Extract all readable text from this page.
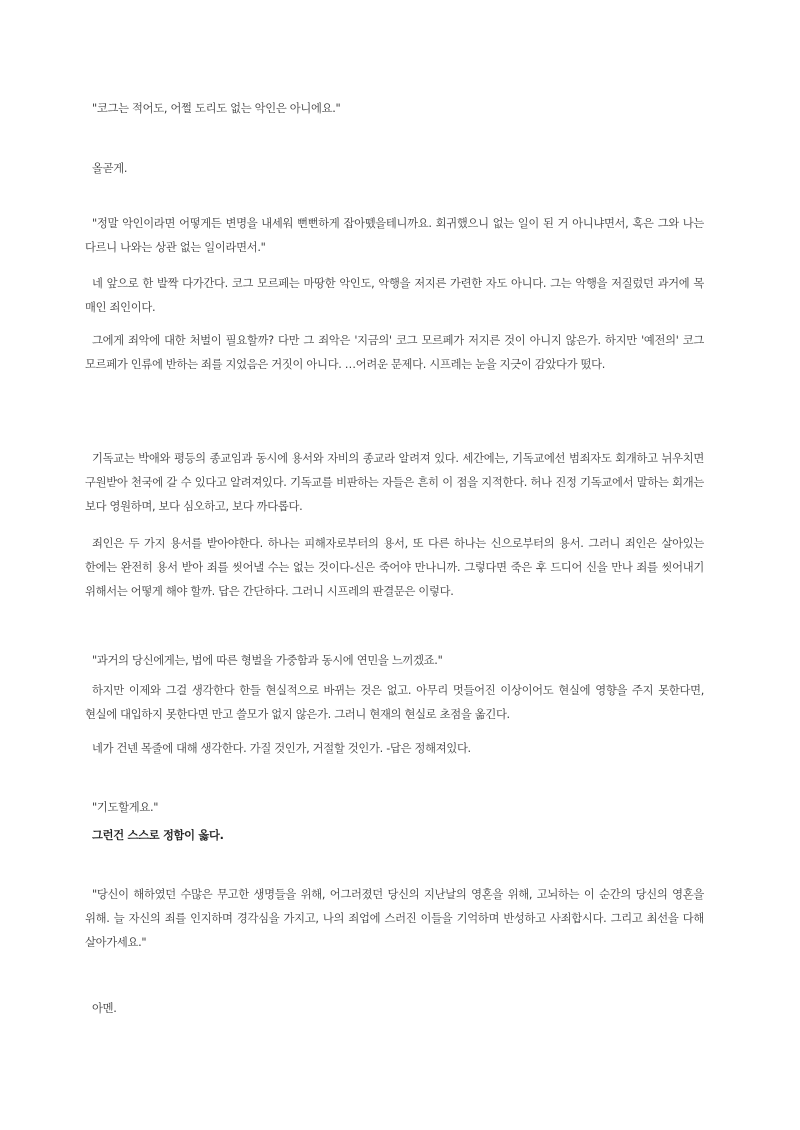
"코그는 적어도, 어쩔 도리도 없는 악인은 아니에요."

올곧게.

"정말 악인이라면 어떻게든 변명을 내세워 뻔뻔하게 잡아뗐을테니까요. 회귀했으니 없는 일이 된 거 아니냐면서, 혹은 그와 나는 다르니 나와는 상관 없는 일이라면서."

네 앞으로 한 발짝 다가간다. 코그 모르페는 마땅한 악인도, 악행을 저지른 가련한 자도 아니다. 그는 악행을 저질렀던 과거에 목 매인 죄인이다.

그에게 죄악에 대한 처벌이 필요할까? 다만 그 죄악은 '지금의' 코그 모르페가 저지른 것이 아니지 않은가. 하지만 '예전의' 코그 모르페가 인류에 반하는 죄를 지었음은 거짓이 아니다. …어려운 문제다. 시프레는 눈을 지긋이 감았다가 떴다.

기독교는 박애와 평등의 종교임과 동시에 용서와 자비의 종교라 알려져 있다. 세간에는, 기독교에선 범죄자도 회개하고 뉘우치면 구원받아 천국에 갈 수 있다고 알려져있다. 기독교를 비판하는 자들은 흔히 이 점을 지적한다. 허나 진정 기독교에서 말하는 회개는 보다 영원하며, 보다 심오하고, 보다 까다롭다.

죄인은 두 가지 용서를 받아야한다. 하나는 피해자로부터의 용서, 또 다른 하나는 신으로부터의 용서. 그러니 죄인은 살아있는 한에는 완전히 용서 받아 죄를 씻어낼 수는 없는 것이다-신은 죽어야 만나니까. 그렇다면 죽은 후 드디어 신을 만나 죄를 씻어내기 위해서는 어떻게 해야 할까. 답은 간단하다. 그러니 시프레의 판결문은 이렇다.

"과거의 당신에게는, 법에 따른 형벌을 가중함과 동시에 연민을 느끼겠죠."

하지만 이제와 그걸 생각한다 한들 현실적으로 바뀌는 것은 없고. 아무리 멋들어진 이상이어도 현실에 영향을 주지 못한다면, 현실에 대입하지 못한다면 만고 쓸모가 없지 않은가. 그러니 현재의 현실로 초점을 옮긴다.

네가 건넨 목줄에 대해 생각한다. 가질 것인가, 거절할 것인가. -답은 정해져있다.

"기도할게요."

그런건 스스로 정함이 옳다.

"당신이 해하였던 수많은 무고한 생명들을 위해, 어그러졌던 당신의 지난날의 영혼을 위해, 고뇌하는 이 순간의 당신의 영혼을 위해. 늘 자신의 죄를 인지하며 경각심을 가지고, 나의 죄업에 스러진 이들을 기억하며 반성하고 사죄합시다. 그리고 최선을 다해 살아가세요."

아멘.
